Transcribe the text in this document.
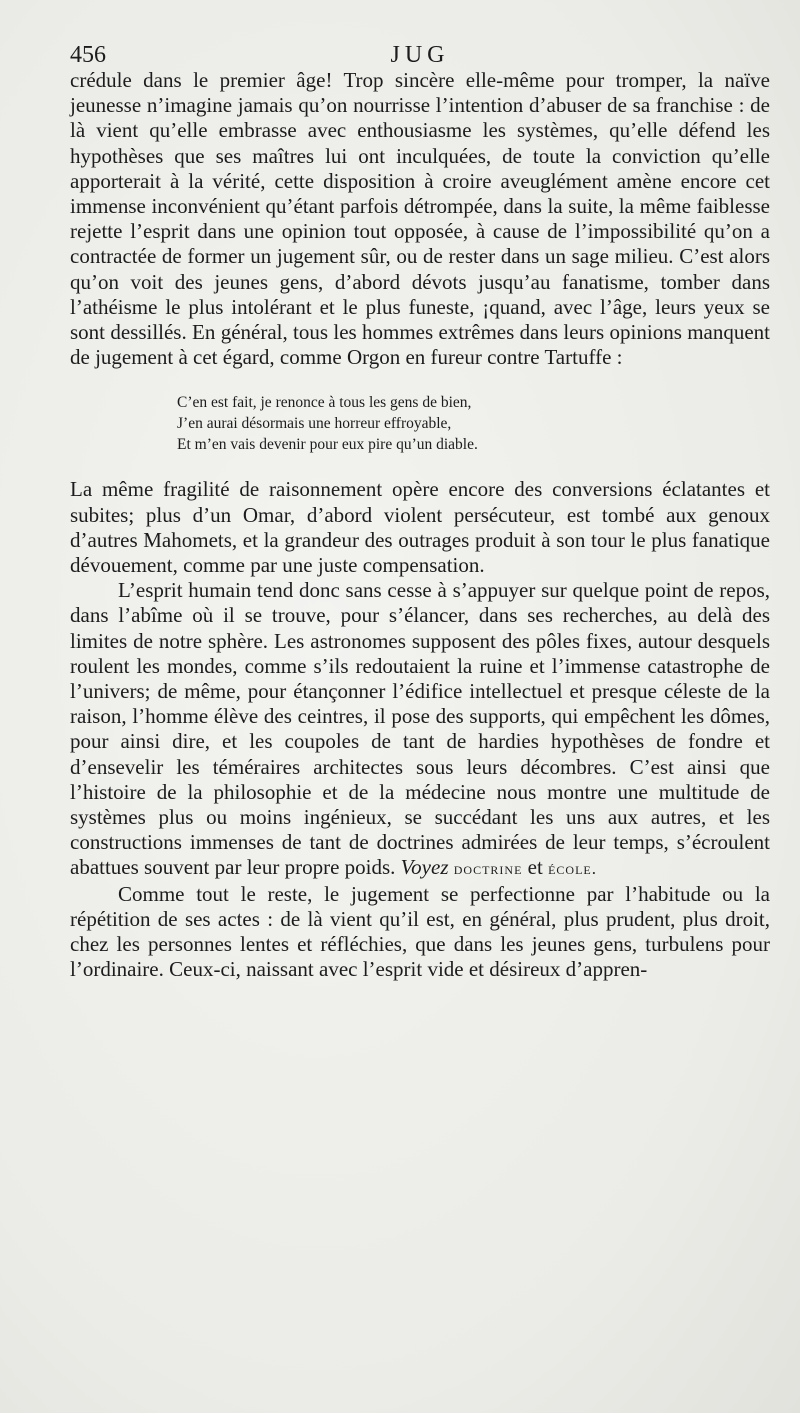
456	JUG

crédule dans le premier âge! Trop sincère elle-même pour tromper, la naïve jeunesse n’imagine jamais qu’on nourrisse l’intention d’abuser de sa franchise : de là vient qu’elle embrasse avec enthousiasme les systèmes, qu’elle défend les hypothèses que ses maîtres lui ont inculquées, de toute la conviction qu’elle apporterait à la vérité, cette disposition à croire aveuglément amène encore cet immense inconvénient qu’étant parfois détrompée, dans la suite, la même faiblesse rejette l’esprit dans une opinion tout opposée, à cause de l’impossibilité qu’on a contractée de former un jugement sûr, ou de rester dans un sage milieu. C’est alors qu’on voit des jeunes gens, d’abord dévots jusqu’au fanatisme, tomber dans l’athéisme le plus intolérant et le plus funeste, ¡quand, avec l’âge, leurs yeux se sont dessillés. En général, tous les hommes extrêmes dans leurs opinions manquent de jugement à cet égard, comme Orgon en fureur contre Tartuffe :

C’en est fait, je renonce à tous les gens de bien,
J’en aurai désormais une horreur effroyable,
Et m’en vais devenir pour eux pire qu’un diable.

La même fragilité de raisonnement opère encore des conversions éclatantes et subites; plus d’un Omar, d’abord violent persécuteur, est tombé aux genoux d’autres Mahomets, et la grandeur des outrages produit à son tour le plus fanatique dévouement, comme par une juste compensation.

L’esprit humain tend donc sans cesse à s’appuyer sur quelque point de repos, dans l’abîme où il se trouve, pour s’élancer, dans ses recherches, au delà des limites de notre sphère. Les astronomes supposent des pôles fixes, autour desquels roulent les mondes, comme s’ils redoutaient la ruine et l’immense catastrophe de l’univers; de même, pour étançonner l’édifice intellectuel et presque céleste de la raison, l’homme élève des ceintres, il pose des supports, qui empêchent les dômes, pour ainsi dire, et les coupoles de tant de hardies hypothèses de fondre et d’ensevelir les téméraires architectes sous leurs décombres. C’est ainsi que l’histoire de la philosophie et de la médecine nous montre une multitude de systèmes plus ou moins ingénieux, se succédant les uns aux autres, et les constructions immenses de tant de doctrines admirées de leur temps, s’écroulent abattues souvent par leur propre poids. Voyez doctrine et école.

Comme tout le reste, le jugement se perfectionne par l’habitude ou la répétition de ses actes : de là vient qu’il est, en général, plus prudent, plus droit, chez les personnes lentes et réfléchies, que dans les jeunes gens, turbulens pour l’ordinaire. Ceux-ci, naissant avec l’esprit vide et désireux d’appren-
